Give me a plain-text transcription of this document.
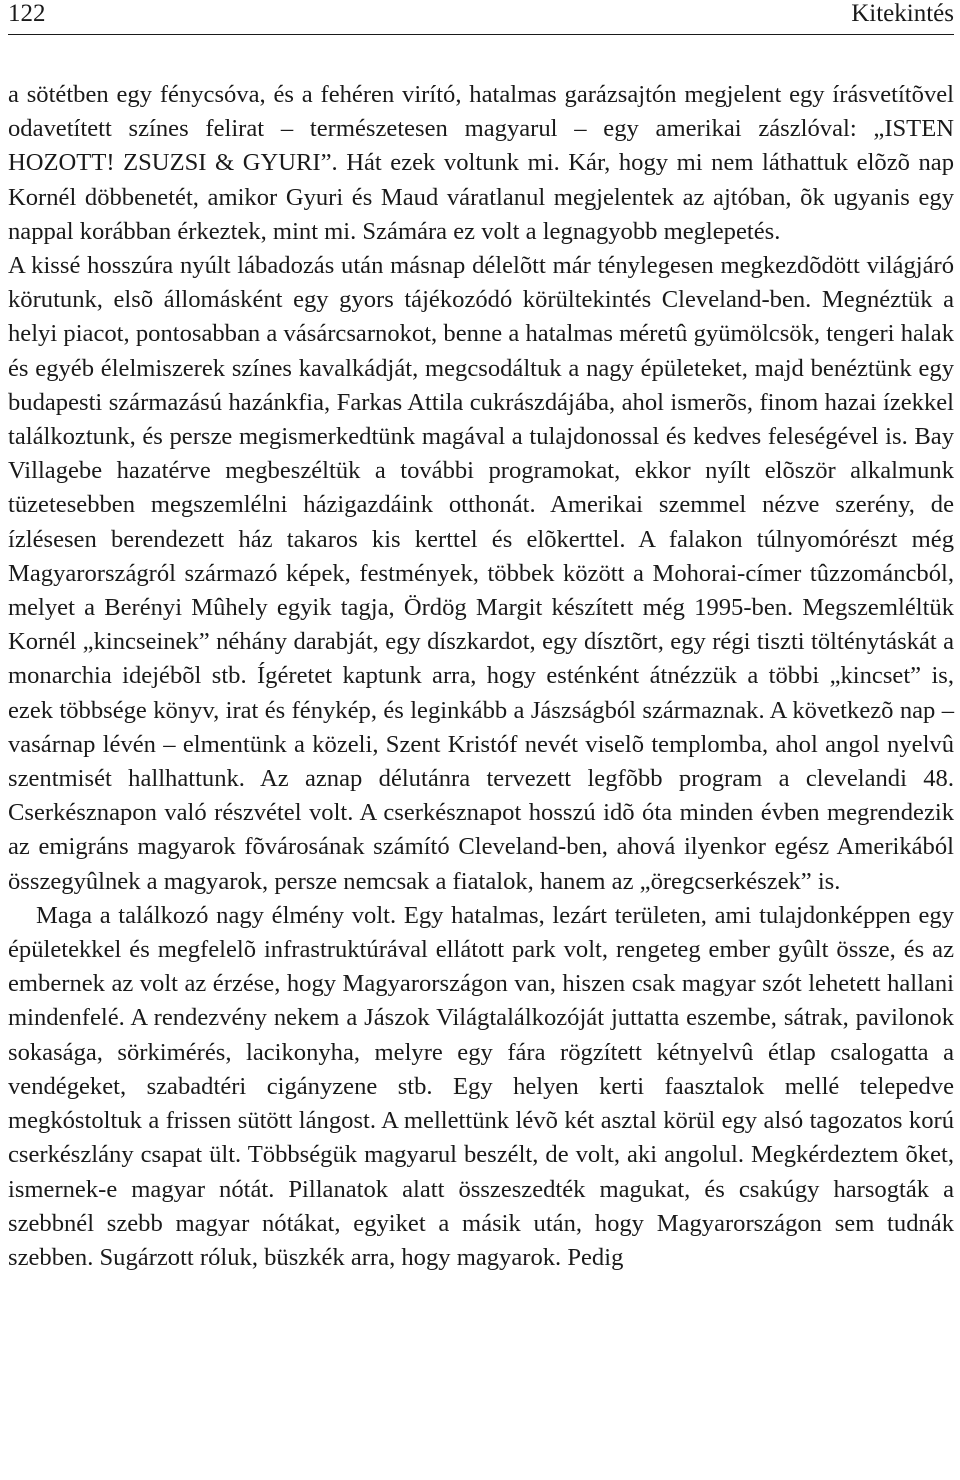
122	Kitekintés

a sötétben egy fénycsóva, és a fehéren virító, hatalmas garázsajtón megjelent egy írásvetítõvel odavetített színes felirat – természetesen magyarul – egy amerikai zászlóval: „ISTEN HOZOTT! ZSUZSI & GYURI”. Hát ezek voltunk mi. Kár, hogy mi nem láthattuk elõzõ nap Kornél döbbenetét, amikor Gyuri és Maud váratlanul megjelentek az ajtóban, õk ugyanis egy nappal korábban érkeztek, mint mi. Számára ez volt a legnagyobb meglepetés.

A kissé hosszúra nyúlt lábadozás után másnap délelõtt már ténylegesen megkezdõdött világjáró körutunk, elsõ állomásként egy gyors tájékozódó körültekintés Cleveland-ben. Megnéztük a helyi piacot, pontosabban a vásárcsarnokot, benne a hatalmas méretû gyümölcsök, tengeri halak és egyéb élelmiszerek színes kavalkádját, megcsodáltuk a nagy épületeket, majd benéztünk egy budapesti származású hazánkfia, Farkas Attila cukrászdájába, ahol ismerõs, finom hazai ízekkel találkoztunk, és persze megismerkedtünk magával a tulajdonossal és kedves feleségével is. Bay Villagebe hazatérve megbeszéltük a további programokat, ekkor nyílt elõször alkalmunk tüzetesebben megszemlélni házigazdáink otthonát. Amerikai szemmel nézve szerény, de ízlésesen berendezett ház takaros kis kerttel és elõkerttel. A falakon túlnyomórészt még Magyarországról származó képek, festmények, többek között a Mohorai-címer tûzzománcból, melyet a Berényi Mûhely egyik tagja, Ördög Margit készített még 1995-ben. Megszemléltük Kornél „kincseinek” néhány darabját, egy díszkardot, egy dísztõrt, egy régi tiszti tölténytáskát a monarchia idejébõl stb. Ígéretet kaptunk arra, hogy esténként átnézzük a többi „kincset” is, ezek többsége könyv, irat és fénykép, és leginkább a Jászságból származnak. A következõ nap – vasárnap lévén – elmentünk a közeli, Szent Kristóf nevét viselõ templomba, ahol angol nyelvû szentmisét hallhattunk. Az aznap délutánra tervezett legfõbb program a clevelandi 48. Cserkésznapon való részvétel volt. A cserkésznapot hosszú idõ óta minden évben megrendezik az emigráns magyarok fõvárosának számító Cleveland-ben, ahová ilyenkor egész Amerikából összegyûlnek a magyarok, persze nemcsak a fiatalok, hanem az „öregcserkészek” is.

Maga a találkozó nagy élmény volt. Egy hatalmas, lezárt területen, ami tulajdonképpen egy épületekkel és megfelelõ infrastruktúrával ellátott park volt, rengeteg ember gyûlt össze, és az embernek az volt az érzése, hogy Magyarországon van, hiszen csak magyar szót lehetett hallani mindenfelé. A rendezvény nekem a Jászok Világtalálkozóját juttatta eszembe, sátrak, pavilonok sokasága, sörkimérés, lacikonyha, melyre egy fára rögzített kétnyelvû étlap csalogatta a vendégeket, szabadtéri cigányzene stb. Egy helyen kerti faasztalok mellé telepedve megkóstoltuk a frissen sütött lángost. A mellettünk lévõ két asztal körül egy alsó tagozatos korú cserkészlány csapat ült. Többségük magyarul beszélt, de volt, aki angolul. Megkérdeztem õket, ismernek-e magyar nótát. Pillanatok alatt összeszedték magukat, és csakúgy harsogták a szebbnél szebb magyar nótákat, egyiket a másik után, hogy Magyarországon sem tudnák szebben. Sugárzott róluk, büszkék arra, hogy magyarok. Pedig
